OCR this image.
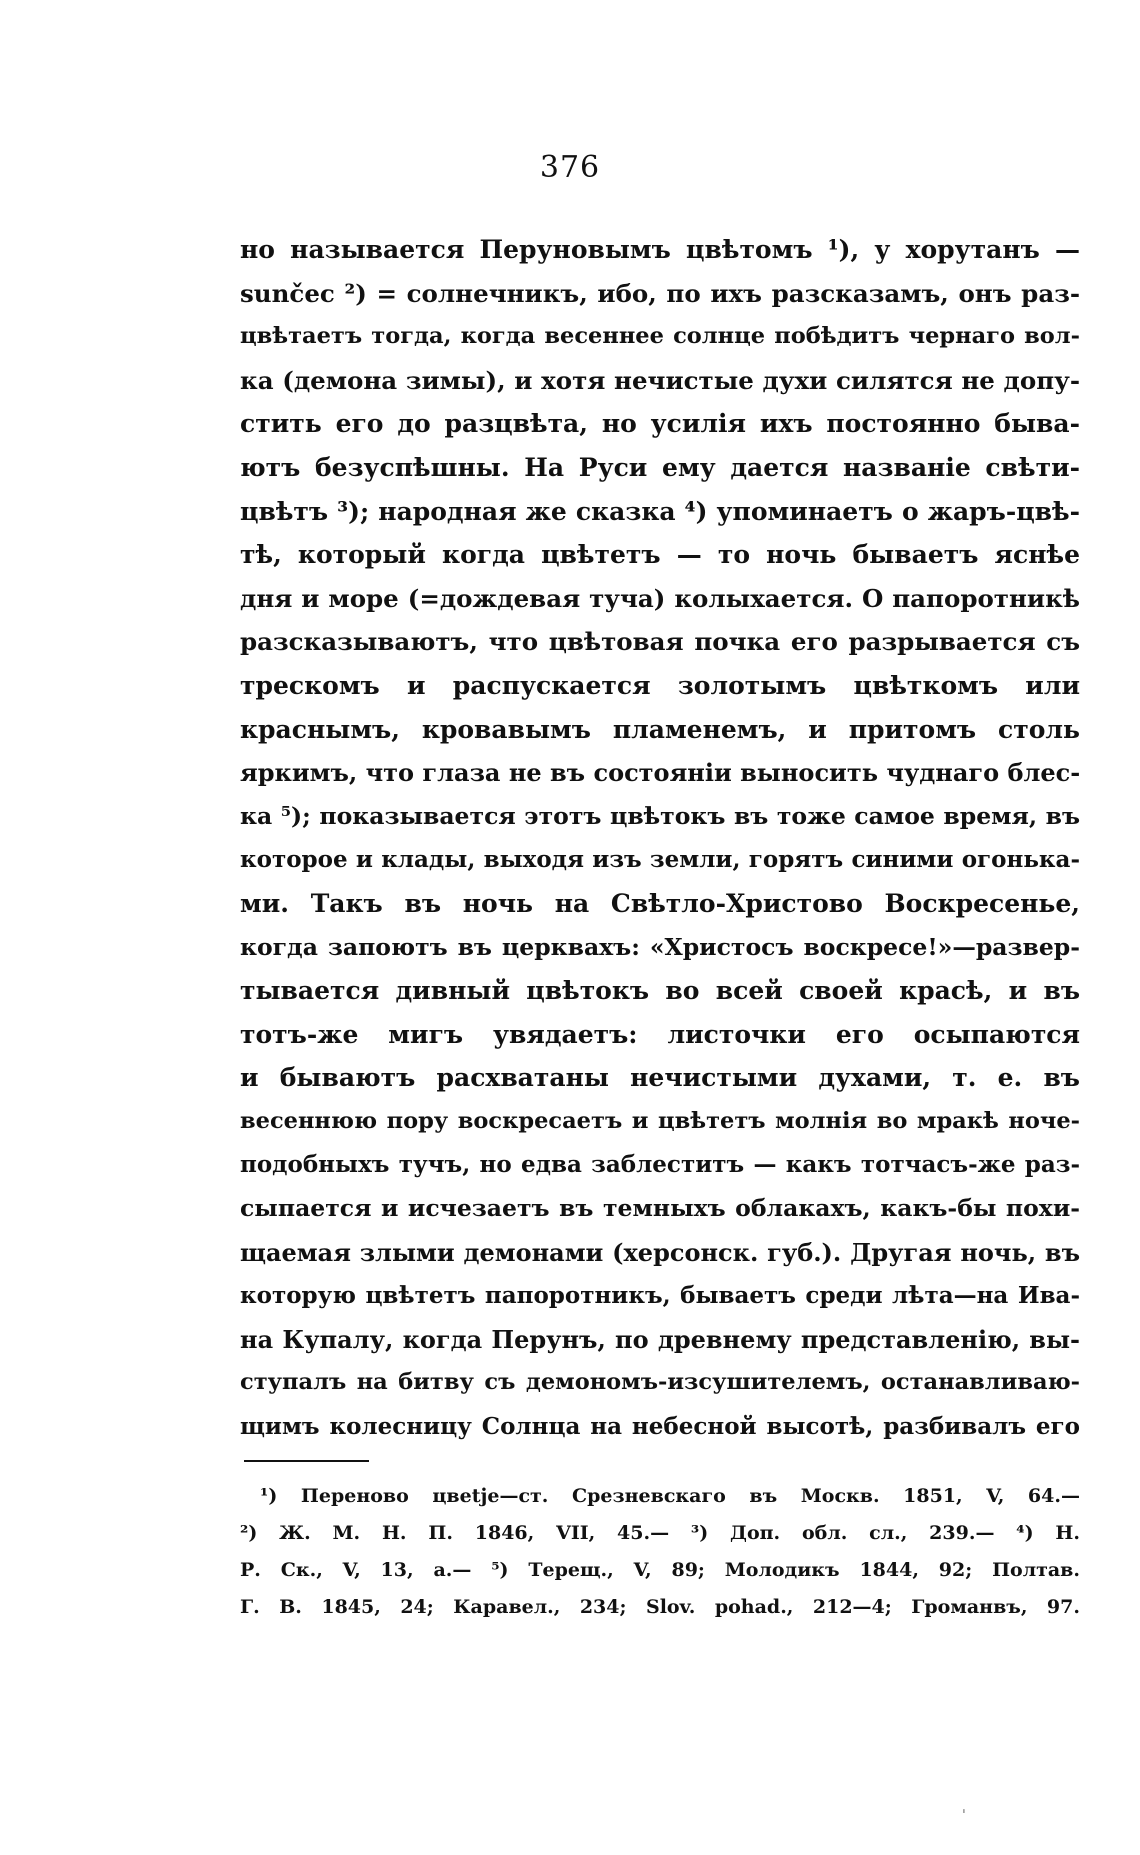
376
но называется Перуновымъ цвѣтомъ ¹), у хорутанъ —
sunčec ²) = солнечникъ, ибо, по ихъ разсказамъ, онъ раз-
цвѣтаетъ тогда, когда весеннее солнце побѣдитъ чернаго вол-
ка (демона зимы), и хотя нечистые духи силятся не допу-
стить его до разцвѣта, но усилія ихъ постоянно быва-
ютъ безуспѣшны. На Руси ему дается названіе свѣти-
цвѣтъ ³); народная же сказка ⁴) упоминаетъ о жаръ-цвѣ-
тѣ, который когда цвѣтетъ — то ночь бываетъ яснѣе
дня и море (=дождевая туча) колыхается. О папоротникѣ
разсказываютъ, что цвѣтовая почка его разрывается съ
трескомъ и распускается золотымъ цвѣткомъ или
краснымъ, кровавымъ пламенемъ, и притомъ столь
яркимъ, что глаза не въ состояніи выносить чуднаго блес-
ка ⁵); показывается этотъ цвѣтокъ въ тоже самое время, въ
которое и клады, выходя изъ земли, горятъ синими огонька-
ми. Такъ въ ночь на Свѣтло-Христово Воскресенье,
когда запоютъ въ церквахъ: «Христосъ воскресе!»—развер-
тывается дивный цвѣтокъ во всей своей красѣ, и въ
тотъ-же мигъ увядаетъ: листочки его осыпаются
и бываютъ расхватаны нечистыми духами, т. е. въ
весеннюю пору воскресаетъ и цвѣтетъ молнія во мракѣ ноче-
подобныхъ тучъ, но едва заблеститъ — какъ тотчасъ-же раз-
сыпается и исчезаетъ въ темныхъ облакахъ, какъ-бы похи-
щаемая злыми демонами (херсонск. губ.). Другая ночь, въ
которую цвѣтетъ папоротникъ, бываетъ среди лѣта—на Ива-
на Купалу, когда Перунъ, по древнему представленію, вы-
ступалъ на битву съ демономъ-изсушителемъ, останавливаю-
щимъ колесницу Солнца на небесной высотѣ, разбивалъ его
¹) Переново цвеtje—ст. Срезневскаго въ Москв. 1851, V, 64.—
²) Ж. М. Н. П. 1846, VII, 45.— ³) Доп. обл. сл., 239.— ⁴) Н.
Р. Ск., V, 13, а.— ⁵) Терещ., V, 89; Молодикъ 1844, 92; Полтав.
Г. В. 1845, 24; Каравел., 234; Slov. pohad., 212—4; Громанвъ, 97.
ˈ
